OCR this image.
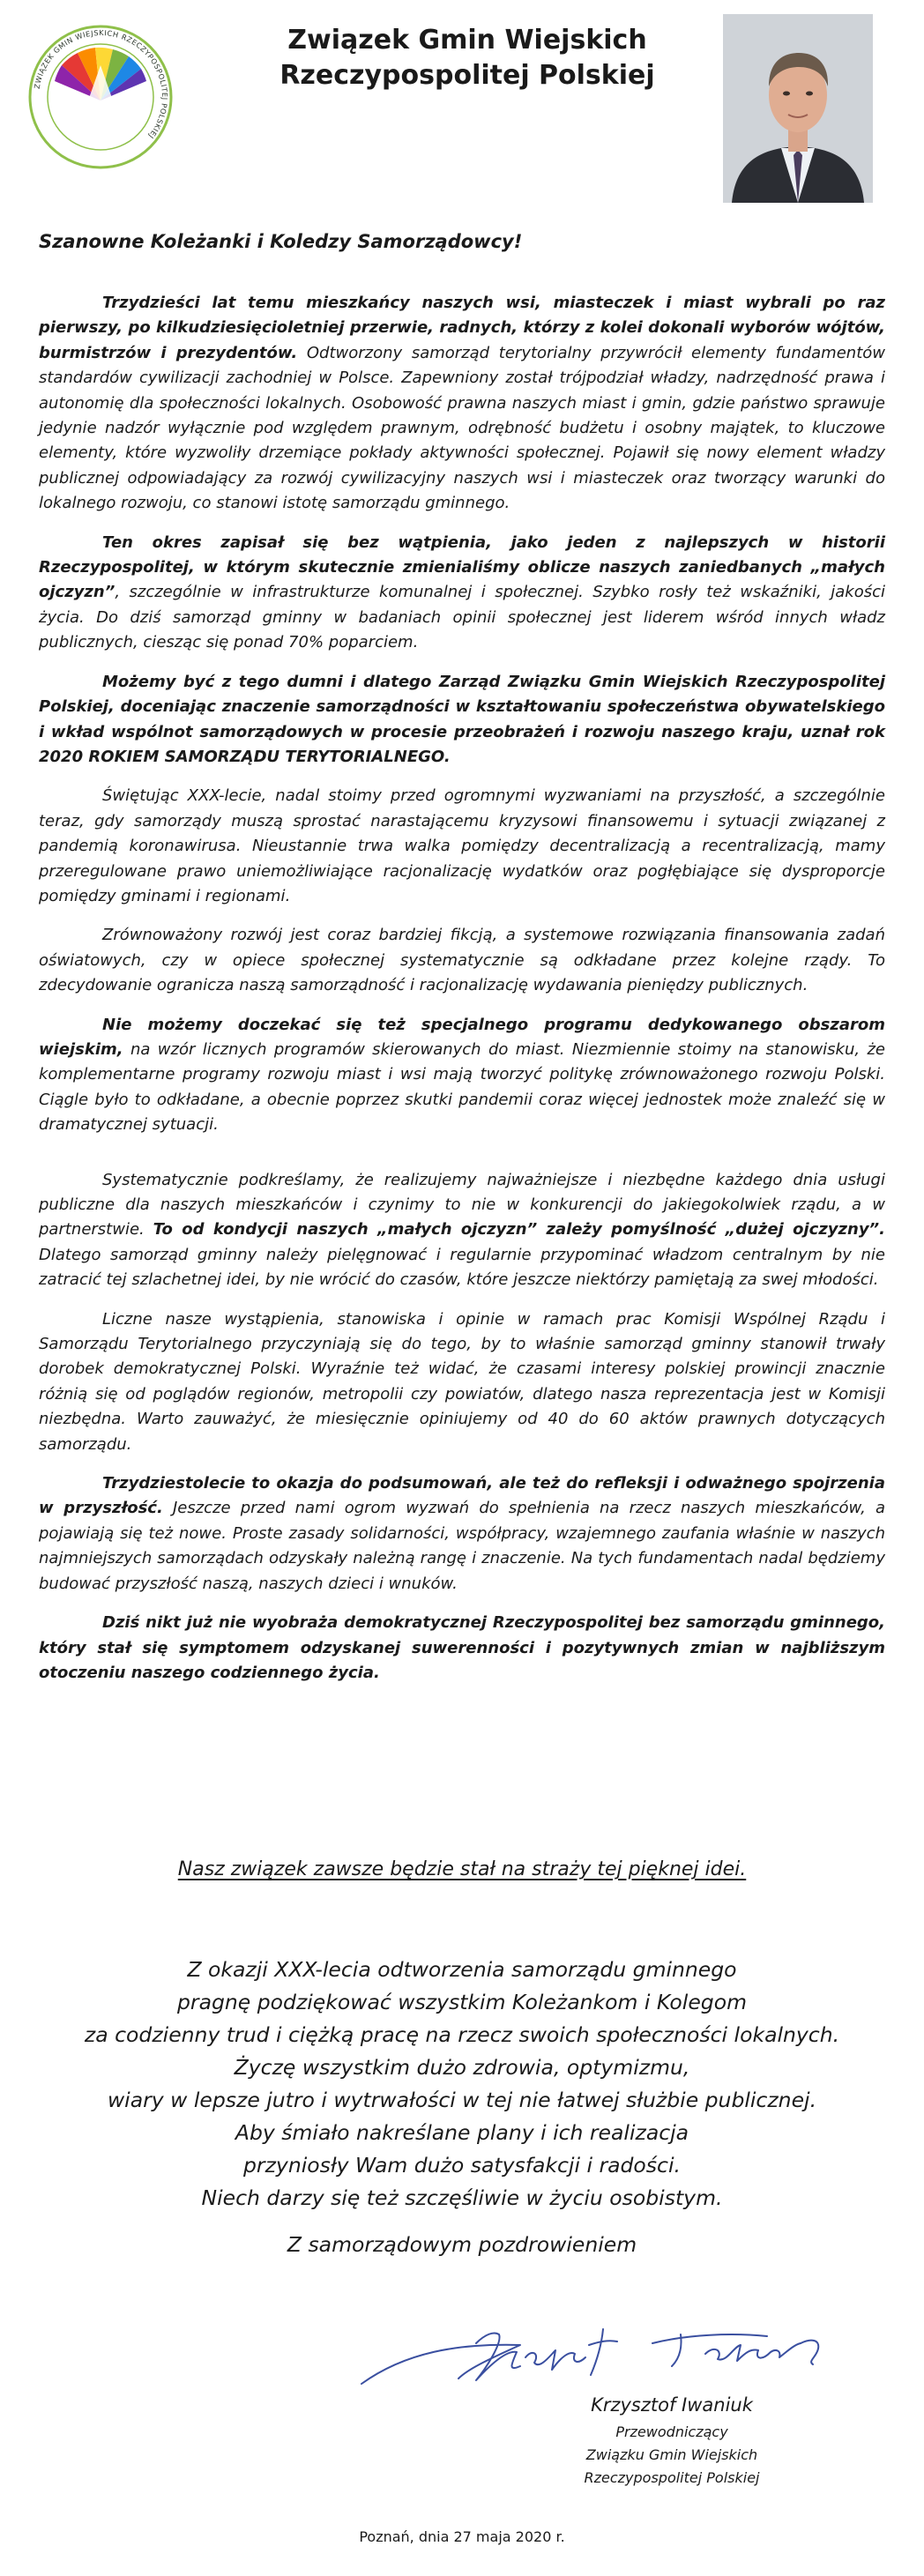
ZWIĄZEK GMIN WIEJSKICH RZECZYPOSPOLITEJ POLSKIEJ
Związek Gmin Wiejskich
Rzeczypospolitej Polskiej
Szanowne Koleżanki i Koledzy Samorządowcy!

Trzydzieści lat temu mieszkańcy naszych wsi, miasteczek i miast wybrali po raz pierwszy, po kilkudziesięcioletniej przerwie, radnych, którzy z kolei dokonali wyborów wójtów, burmistrzów i prezydentów. Odtworzony samorząd terytorialny przywrócił elementy fundamentów standardów cywilizacji zachodniej w Polsce. Zapewniony został trójpodział władzy, nadrzędność prawa i autonomię dla społeczności lokalnych. Osobowość prawna naszych miast i gmin, gdzie państwo sprawuje jedynie nadzór wyłącznie pod względem prawnym, odrębność budżetu i osobny majątek, to kluczowe elementy, które wyzwoliły drzemiące pokłady aktywności społecznej. Pojawił się nowy element władzy publicznej odpowiadający za rozwój cywilizacyjny naszych wsi i miasteczek oraz tworzący warunki do lokalnego rozwoju, co stanowi istotę samorządu gminnego.

Ten okres zapisał się bez wątpienia, jako jeden z najlepszych w historii Rzeczypospolitej, w którym skutecznie zmienialiśmy oblicze naszych zaniedbanych „małych ojczyzn”, szczególnie w infrastrukturze komunalnej i społecznej. Szybko rosły też wskaźniki, jakości życia. Do dziś samorząd gminny w badaniach opinii społecznej jest liderem wśród innych władz publicznych, ciesząc się ponad 70% poparciem.

Możemy być z tego dumni i dlatego Zarząd Związku Gmin Wiejskich Rzeczypospolitej Polskiej, doceniając znaczenie samorządności w kształtowaniu społeczeństwa obywatelskiego i wkład wspólnot samorządowych w procesie przeobrażeń i rozwoju naszego kraju, uznał rok 2020 ROKIEM SAMORZĄDU TERYTORIALNEGO.

Świętując XXX-lecie, nadal stoimy przed ogromnymi wyzwaniami na przyszłość, a szczególnie teraz, gdy samorządy muszą sprostać narastającemu kryzysowi finansowemu i sytuacji związanej z pandemią koronawirusa. Nieustannie trwa walka pomiędzy decentralizacją a recentralizacją, mamy przeregulowane prawo uniemożliwiające racjonalizację wydatków oraz pogłębiające się dysproporcje pomiędzy gminami i regionami.

Zrównoważony rozwój jest coraz bardziej fikcją, a systemowe rozwiązania finansowania zadań oświatowych, czy w opiece społecznej systematycznie są odkładane przez kolejne rządy. To zdecydowanie ogranicza naszą samorządność i racjonalizację wydawania pieniędzy publicznych.

Nie możemy doczekać się też specjalnego programu dedykowanego obszarom wiejskim, na wzór licznych programów skierowanych do miast. Niezmiennie stoimy na stanowisku, że komplementarne programy rozwoju miast i wsi mają tworzyć politykę zrównoważonego rozwoju Polski. Ciągle było to odkładane, a obecnie poprzez skutki pandemii coraz więcej jednostek może znaleźć się w dramatycznej sytuacji.

Systematycznie podkreślamy, że realizujemy najważniejsze i niezbędne każdego dnia usługi publiczne dla naszych mieszkańców i czynimy to nie w konkurencji do jakiegokolwiek rządu, a w partnerstwie. To od kondycji naszych „małych ojczyzn” zależy pomyślność „dużej ojczyzny”. Dlatego samorząd gminny należy pielęgnować i regularnie przypominać władzom centralnym by nie zatracić tej szlachetnej idei, by nie wrócić do czasów, które jeszcze niektórzy pamiętają za swej młodości.

Liczne nasze wystąpienia, stanowiska i opinie w ramach prac Komisji Wspólnej Rządu i Samorządu Terytorialnego przyczyniają się do tego, by to właśnie samorząd gminny stanowił trwały dorobek demokratycznej Polski. Wyraźnie też widać, że czasami interesy polskiej prowincji znacznie różnią się od poglądów regionów, metropolii czy powiatów, dlatego nasza reprezentacja jest w Komisji niezbędna. Warto zauważyć, że miesięcznie opiniujemy od 40 do 60 aktów prawnych dotyczących samorządu.

Trzydziestolecie to okazja do podsumowań, ale też do refleksji i odważnego spojrzenia w przyszłość. Jeszcze przed nami ogrom wyzwań do spełnienia na rzecz naszych mieszkańców, a pojawiają się też nowe. Proste zasady solidarności, współpracy, wzajemnego zaufania właśnie w naszych najmniejszych samorządach odzyskały należną rangę i znaczenie. Na tych fundamentach nadal będziemy budować przyszłość naszą, naszych dzieci i wnuków.

Dziś nikt już nie wyobraża demokratycznej Rzeczypospolitej bez samorządu gminnego, który stał się symptomem odzyskanej suwerenności i pozytywnych zmian w najbliższym otoczeniu naszego codziennego życia.

Nasz związek zawsze będzie stał na straży tej pięknej idei.
Z okazji XXX-lecia odtworzenia samorządu gminnego
pragnę podziękować wszystkim Koleżankom i Kolegom
za codzienny trud i ciężką pracę na rzecz swoich społeczności lokalnych.
Życzę wszystkim dużo zdrowia, optymizmu,
wiary w lepsze jutro i wytrwałości w tej nie łatwej służbie publicznej.
Aby śmiało nakreślane plany i ich realizacja
przyniosły Wam dużo satysfakcji i radości.
Niech darzy się też szczęśliwie w życiu osobistym.
Z samorządowym pozdrowieniem
Krzysztof Iwaniuk
Przewodniczący
Związku Gmin Wiejskich
Rzeczypospolitej Polskiej
Poznań, dnia 27 maja 2020 r.
